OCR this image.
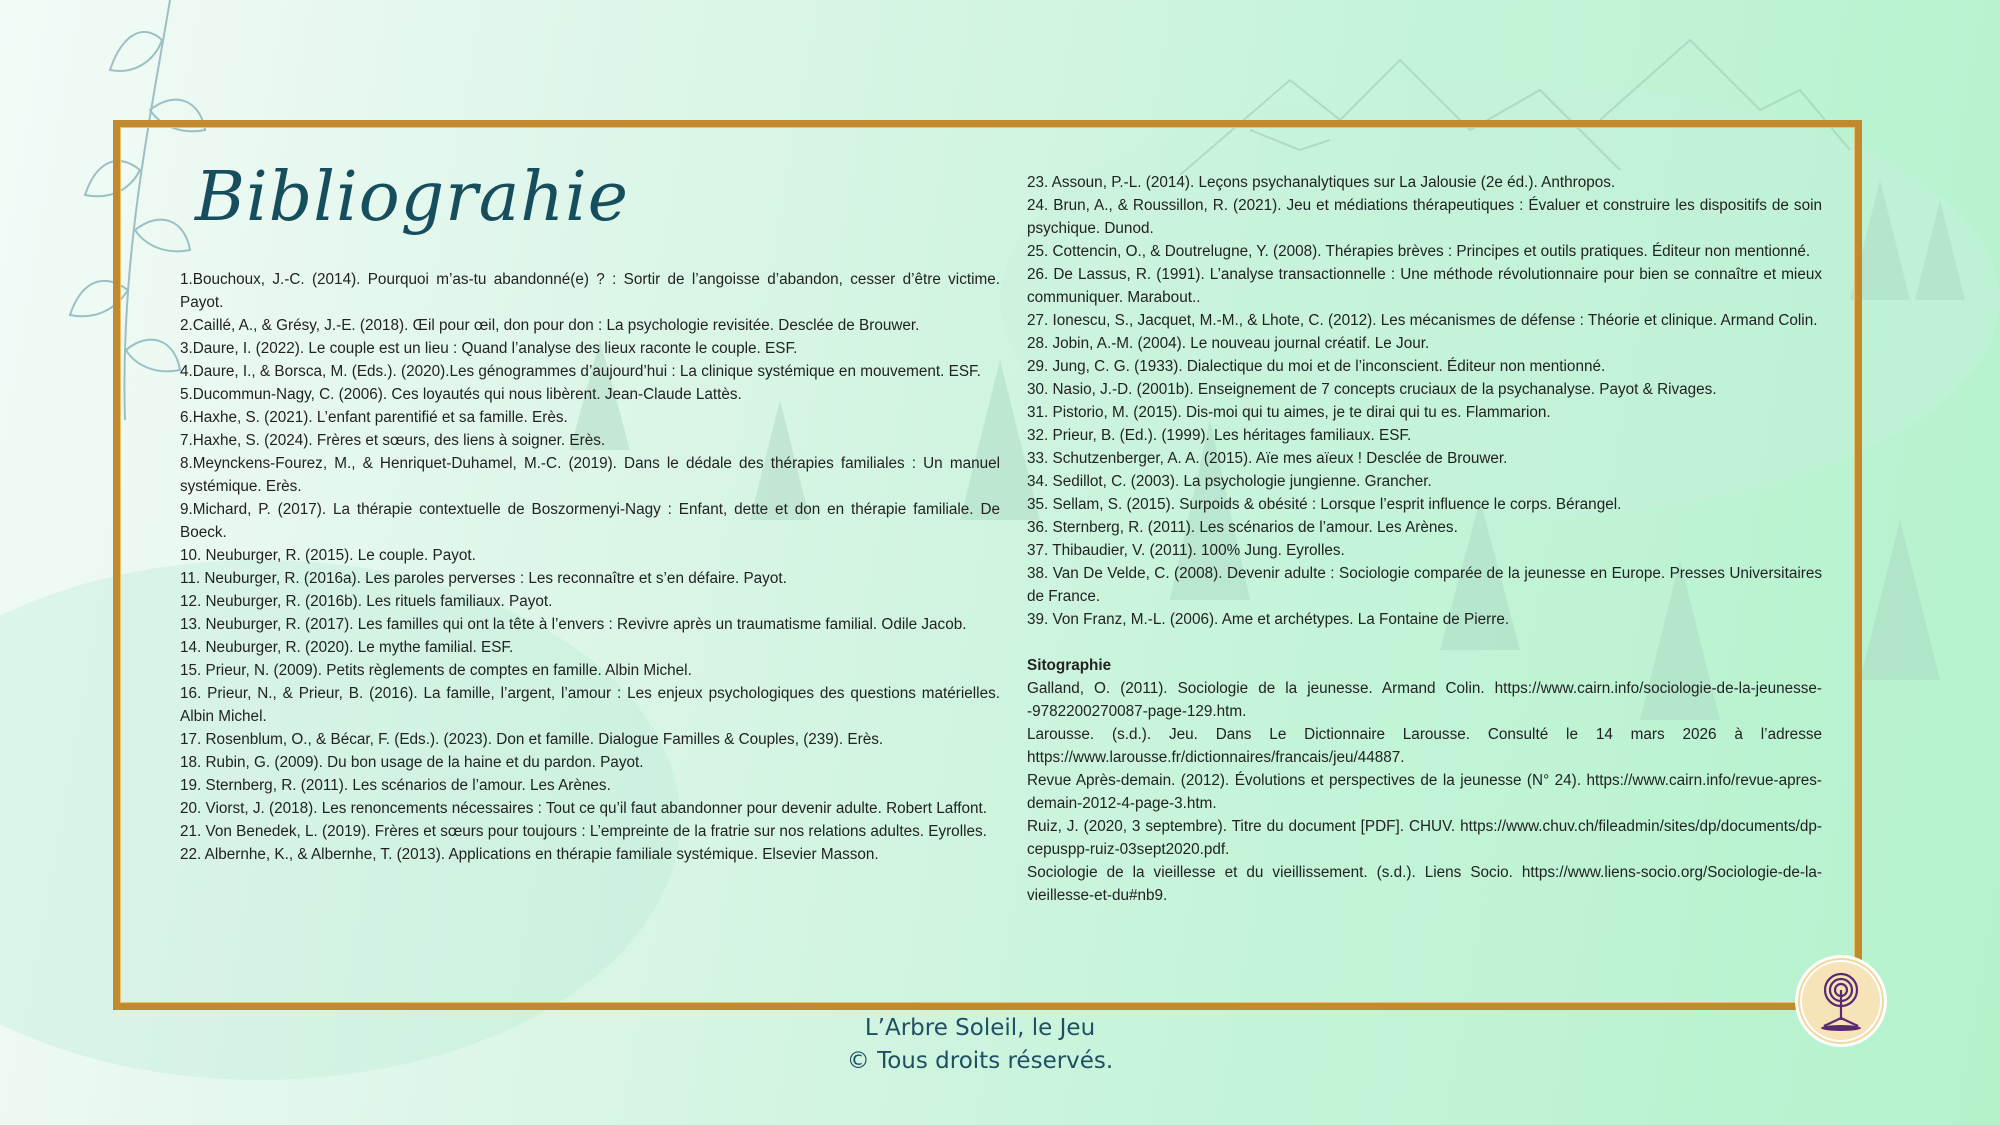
Bibliograhie

1.Bouchoux, J.-C. (2014). Pourquoi m’as-tu abandonné(e) ? : Sortir de l’angoisse d’abandon, cesser d’être victime. Payot.

2.Caillé, A., & Grésy, J.-E. (2018). Œil pour œil, don pour don : La psychologie revisitée. Desclée de Brouwer.

3.Daure, I. (2022). Le couple est un lieu : Quand l’analyse des lieux raconte le couple. ESF.

4.Daure, I., & Borsca, M. (Eds.). (2020).Les génogrammes d’aujourd’hui : La clinique systémique en mouvement. ESF.

5.Ducommun-Nagy, C. (2006). Ces loyautés qui nous libèrent. Jean-Claude Lattès.

6.Haxhe, S. (2021). L’enfant parentifié et sa famille. Erès.

7.Haxhe, S. (2024). Frères et sœurs, des liens à soigner. Erès.

8.Meynckens-Fourez, M., & Henriquet-Duhamel, M.-C. (2019). Dans le dédale des thérapies familiales : Un manuel systémique. Erès.

9.Michard, P. (2017). La thérapie contextuelle de Boszormenyi-Nagy : Enfant, dette et don en thérapie familiale. De Boeck.

10. Neuburger, R. (2015). Le couple. Payot.

11. Neuburger, R. (2016a). Les paroles perverses : Les reconnaître et s’en défaire. Payot.

12. Neuburger, R. (2016b). Les rituels familiaux. Payot.

13. Neuburger, R. (2017). Les familles qui ont la tête à l’envers : Revivre après un traumatisme familial. Odile Jacob.

14. Neuburger, R. (2020). Le mythe familial. ESF.

15. Prieur, N. (2009). Petits règlements de comptes en famille. Albin Michel.

16. Prieur, N., & Prieur, B. (2016). La famille, l’argent, l’amour : Les enjeux psychologiques des questions matérielles. Albin Michel.

17. Rosenblum, O., & Bécar, F. (Eds.). (2023). Don et famille. Dialogue Familles & Couples, (239). Erès.

18. Rubin, G. (2009). Du bon usage de la haine et du pardon. Payot.

19. Sternberg, R. (2011). Les scénarios de l’amour. Les Arènes.

20. Viorst, J. (2018). Les renoncements nécessaires : Tout ce qu’il faut abandonner pour devenir adulte. Robert Laffont.

21. Von Benedek, L. (2019). Frères et sœurs pour toujours : L’empreinte de la fratrie sur nos relations adultes. Eyrolles.

22. Albernhe, K., & Albernhe, T. (2013). Applications en thérapie familiale systémique. Elsevier Masson.

23. Assoun, P.-L. (2014). Leçons psychanalytiques sur La Jalousie (2e éd.). Anthropos.

24. Brun, A., & Roussillon, R. (2021). Jeu et médiations thérapeutiques : Évaluer et construire les dispositifs de soin psychique. Dunod.

25. Cottencin, O., & Doutrelugne, Y. (2008). Thérapies brèves : Principes et outils pratiques. Éditeur non mentionné.

26. De Lassus, R. (1991). L’analyse transactionnelle : Une méthode révolutionnaire pour bien se connaître et mieux communiquer. Marabout..

27. Ionescu, S., Jacquet, M.-M., & Lhote, C. (2012). Les mécanismes de défense : Théorie et clinique. Armand Colin.

28. Jobin, A.-M. (2004). Le nouveau journal créatif. Le Jour.

29. Jung, C. G. (1933). Dialectique du moi et de l’inconscient. Éditeur non mentionné.

30. Nasio, J.-D. (2001b). Enseignement de 7 concepts cruciaux de la psychanalyse. Payot & Rivages.

31. Pistorio, M. (2015). Dis-moi qui tu aimes, je te dirai qui tu es. Flammarion.

32. Prieur, B. (Ed.). (1999). Les héritages familiaux. ESF.

33. Schutzenberger, A. A. (2015). Aïe mes aïeux ! Desclée de Brouwer.

34. Sedillot, C. (2003). La psychologie jungienne. Grancher.

35. Sellam, S. (2015). Surpoids & obésité : Lorsque l’esprit influence le corps. Bérangel.

36. Sternberg, R. (2011). Les scénarios de l’amour. Les Arènes.

37. Thibaudier, V. (2011). 100% Jung. Eyrolles.

38. Van De Velde, C. (2008). Devenir adulte : Sociologie comparée de la jeunesse en Europe. Presses Universitaires de France.

39. Von Franz, M.-L. (2006). Ame et archétypes. La Fontaine de Pierre.

Sitographie

Galland, O. (2011). Sociologie de la jeunesse. Armand Colin. https://www.cairn.info/sociologie-de-la-jeunesse--9782200270087-page-129.htm.

Larousse. (s.d.). Jeu. Dans Le Dictionnaire Larousse. Consulté le 14 mars 2026 à l’adresse https://www.larousse.fr/dictionnaires/francais/jeu/44887.

Revue Après-demain. (2012). Évolutions et perspectives de la jeunesse (N° 24). https://www.cairn.info/revue-apres-demain-2012-4-page-3.htm.

Ruiz, J. (2020, 3 septembre). Titre du document [PDF]. CHUV. https://www.chuv.ch/fileadmin/sites/dp/documents/dp-cepuspp-ruiz-03sept2020.pdf.

Sociologie de la vieillesse et du vieillissement. (s.d.). Liens Socio. https://www.liens-socio.org/Sociologie-de-la-vieillesse-et-du#nb9.

L’Arbre Soleil, le Jeu
© Tous droits réservés.
